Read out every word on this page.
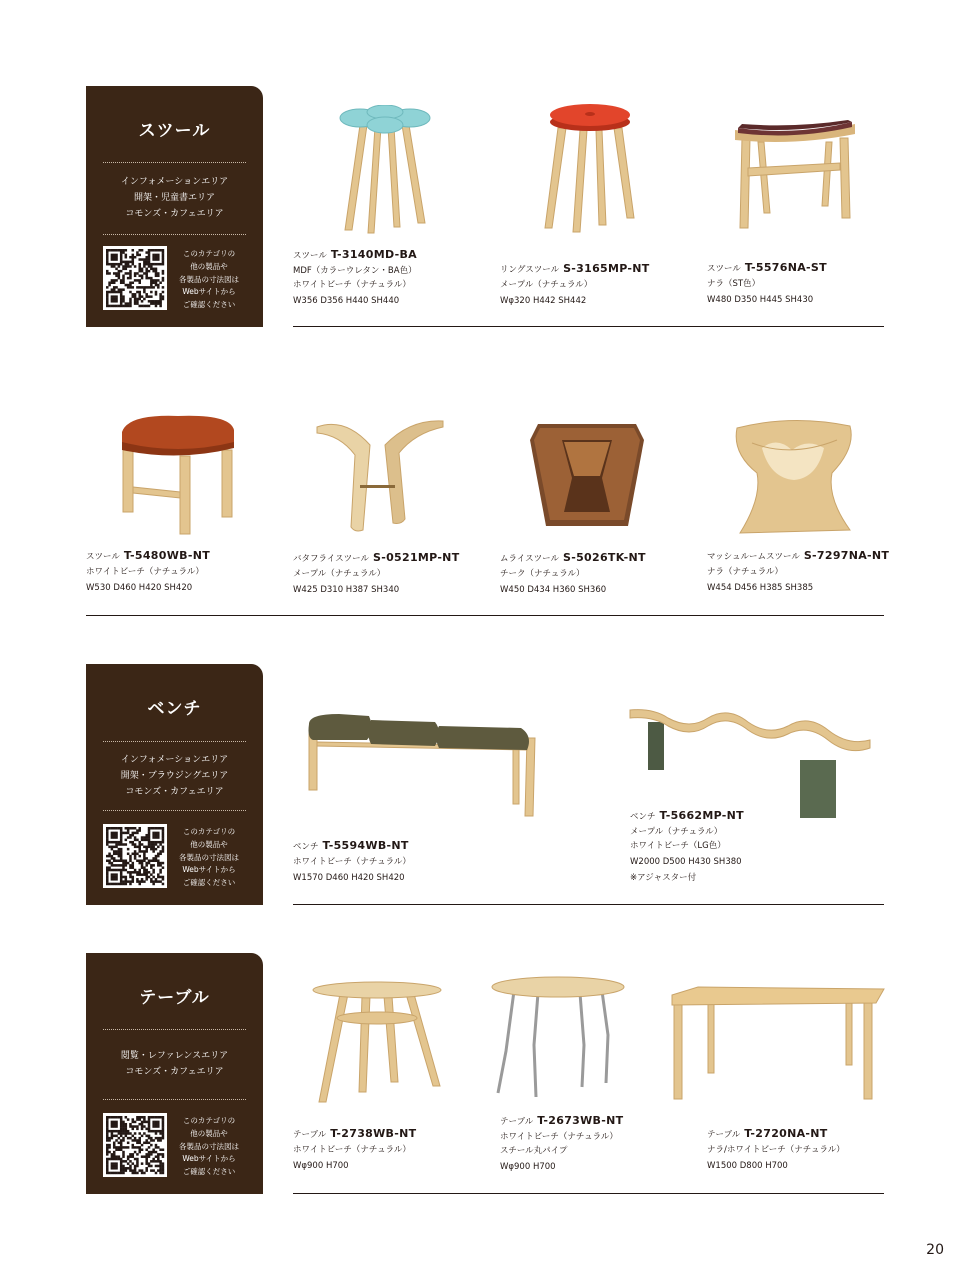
スツール
インフォメーションエリア
開架・児童書エリア
コモンズ・カフェエリア
このカテゴリの
他の製品や
各製品の寸法図は
Webサイトから
ご確認ください
ベンチ
インフォメーションエリア
開架・ブラウジングエリア
コモンズ・カフェエリア
このカテゴリの
他の製品や
各製品の寸法図は
Webサイトから
ご確認ください
テーブル
閲覧・レファレンスエリア
コモンズ・カフェエリア
このカテゴリの
他の製品や
各製品の寸法図は
Webサイトから
ご確認ください
スツール T-3140MD-BA
MDF（カラーウレタン・BA色）
ホワイトビーチ（ナチュラル）
W356 D356 H440 SH440
リングスツール S-3165MP-NT
メープル（ナチュラル）
Wφ320 H442 SH442
スツール T-5576NA-ST
ナラ（ST色）
W480 D350 H445 SH430
スツール T-5480WB-NT
ホワイトビーチ（ナチュラル）
W530 D460 H420 SH420
バタフライスツール S-0521MP-NT
メープル（ナチュラル）
W425 D310 H387 SH340
ムライスツール S-5026TK-NT
チーク（ナチュラル）
W450 D434 H360 SH360
マッシュルームスツール S-7297NA-NT
ナラ（ナチュラル）
W454 D456 H385 SH385
ベンチ T-5594WB-NT
ホワイトビーチ（ナチュラル）
W1570 D460 H420 SH420
ベンチ T-5662MP-NT
メープル（ナチュラル）
ホワイトビーチ（LG色）
W2000 D500 H430 SH380
※アジャスター付
テーブル T-2738WB-NT
ホワイトビーチ（ナチュラル）
Wφ900 H700
テーブル T-2673WB-NT
ホワイトビーチ（ナチュラル）
スチール丸パイプ
Wφ900 H700
テーブル T-2720NA-NT
ナラ/ホワイトビーチ（ナチュラル）
W1500 D800 H700
20
